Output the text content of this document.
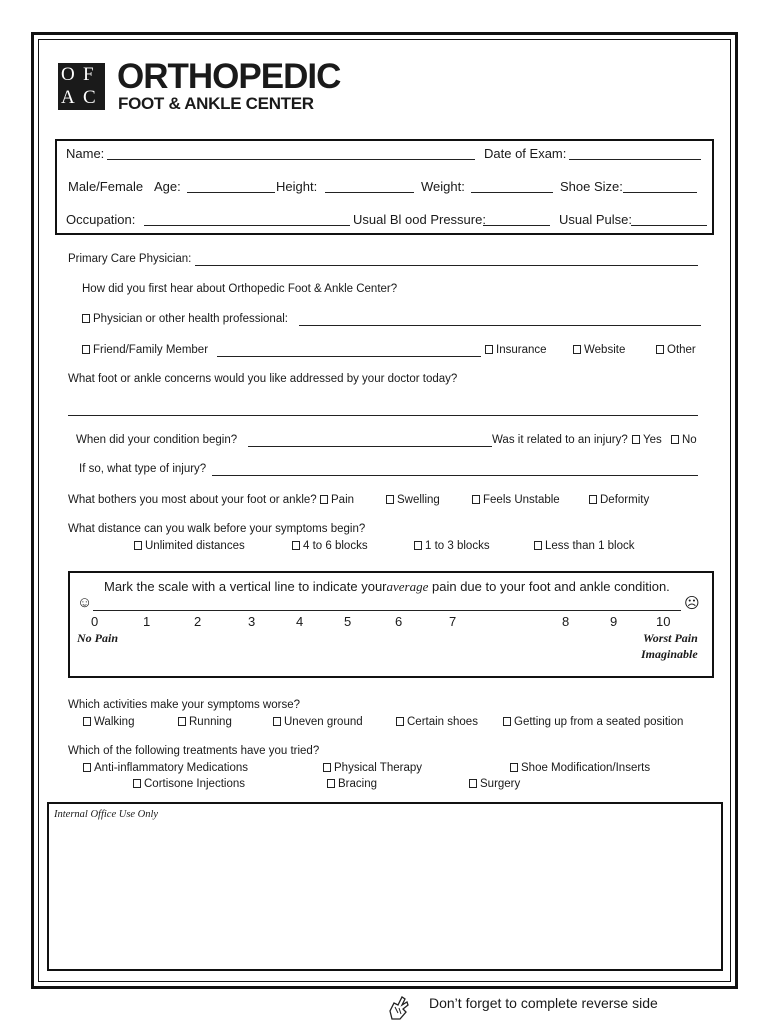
O F
A C
ORTHOPEDIC
FOOT & ANKLE CENTER
Name:	Date of Exam:
Male/Female Age:	Height:	Weight:	Shoe Size:
Occupation:	Usual Bl ood Pressure:	Usual Pulse:
Primary Care Physician:
How did you first hear about Orthopedic Foot & Ankle Center?
Physician or other health professional:
Friend/Family Member	Insurance	Website	Other
What foot or ankle concerns would you like addressed by your doctor today?
When did your condition begin?	Was it related to an injury?	Yes	No
If so, what type of injury?
What bothers you most about your foot or ankle?	Pain	Swelling	Feels Unstable	Deformity
What distance can you walk before your symptoms begin?
Unlimited distances	4 to 6 blocks	1 to 3 blocks	Less than 1 block
Mark the scale with a vertical line to indicate youraverage pain due to your foot and ankle condition.
☺	☹
0	1	2	3	4	5	6	7	8	9	10
No Pain	Worst Pain
Imaginable
Which activities make your symptoms worse?
Walking	Running	Uneven ground	Certain shoes	Getting up from a seated position
Which of the following treatments have you tried?
Anti-inflammatory Medications	Physical Therapy	Shoe Modification/Inserts
Cortisone Injections	Bracing	Surgery
Internal Office Use Only
Don’t forget to complete reverse side
